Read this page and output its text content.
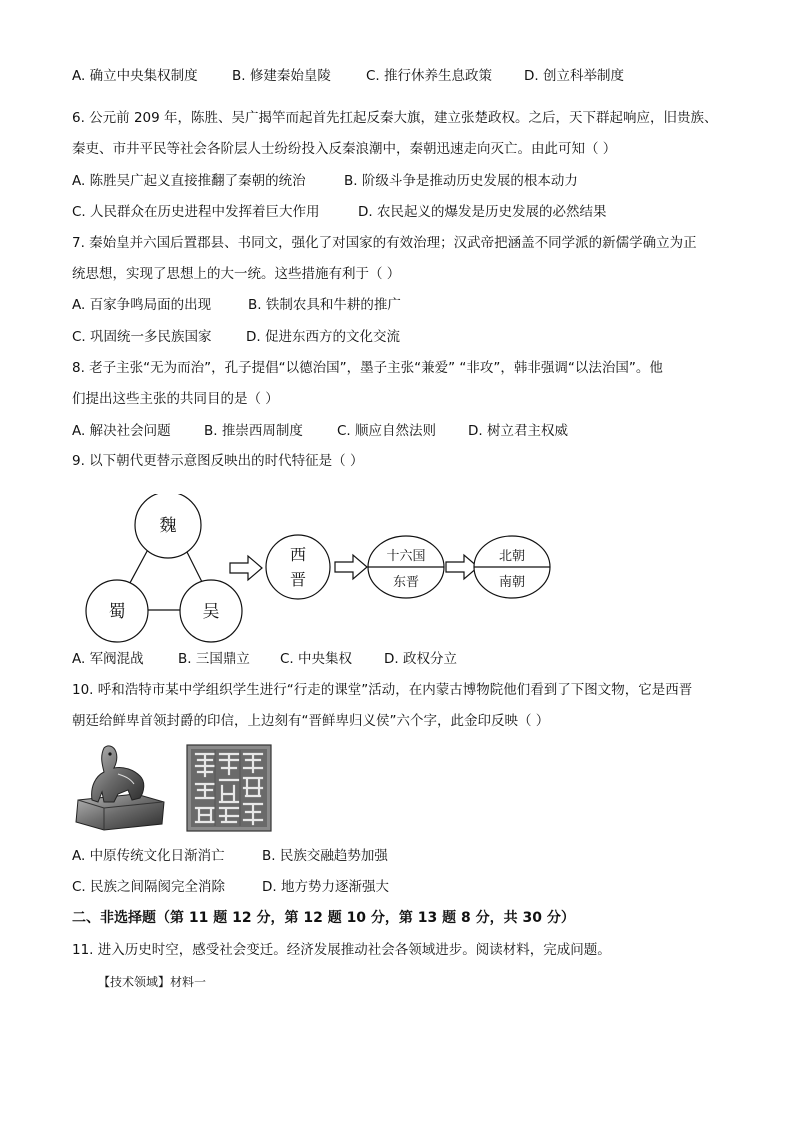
A. 确立中央集权制度	B. 修建秦始皇陵	C. 推行休养生息政策 D. 创立科举制度
6. 公元前 209 年，陈胜、吴广揭竿而起首先扛起反秦大旗，建立张楚政权。之后，天下群起响应，旧贵族、
秦吏、市井平民等社会各阶层人士纷纷投入反秦浪潮中，秦朝迅速走向灭亡。由此可知（ ）
A. 陈胜吴广起义直接推翻了秦朝的统治	B. 阶级斗争是推动历史发展的根本动力
C. 人民群众在历史进程中发挥着巨大作用	D. 农民起义的爆发是历史发展的必然结果
7. 秦始皇并六国后置郡县、书同文，强化了对国家的有效治理；汉武帝把涵盖不同学派的新儒学确立为正
统思想，实现了思想上的大一统。这些措施有利于（ ）
A. 百家争鸣局面的出现	B. 铁制农具和牛耕的推广
C. 巩固统一多民族国家	D. 促进东西方的文化交流
8. 老子主张“无为而治”，孔子提倡“以德治国”，墨子主张“兼爱” “非攻”，韩非强调“以法治国”。他
们提出这些主张的共同目的是（ ）
A. 解决社会问题 B. 推崇西周制度	C. 顺应自然法则 D. 树立君主权威
9. 以下朝代更替示意图反映出的时代特征是（ ）
魏
蜀	吴
西
晋
十六国
东晋
北朝
南朝
A. 军阀混战	B. 三国鼎立 C. 中央集权 D. 政权分立
10. 呼和浩特市某中学组织学生进行“行走的课堂”活动，在内蒙古博物院他们看到了下图文物，它是西晋
朝廷给鲜卑首领封爵的印信，上边刻有“晋鲜卑归义侯”六个字，此金印反映（ ）
A. 中原传统文化日渐消亡	B. 民族交融趋势加强
C. 民族之间隔阂完全消除	D. 地方势力逐渐强大
二、非选择题（第 11 题 12 分，第 12 题 10 分，第 13 题 8 分，共 30 分）
11. 进入历史时空，感受社会变迁。经济发展推动社会各领域进步。阅读材料，完成问题。
【技术领域】材料一
